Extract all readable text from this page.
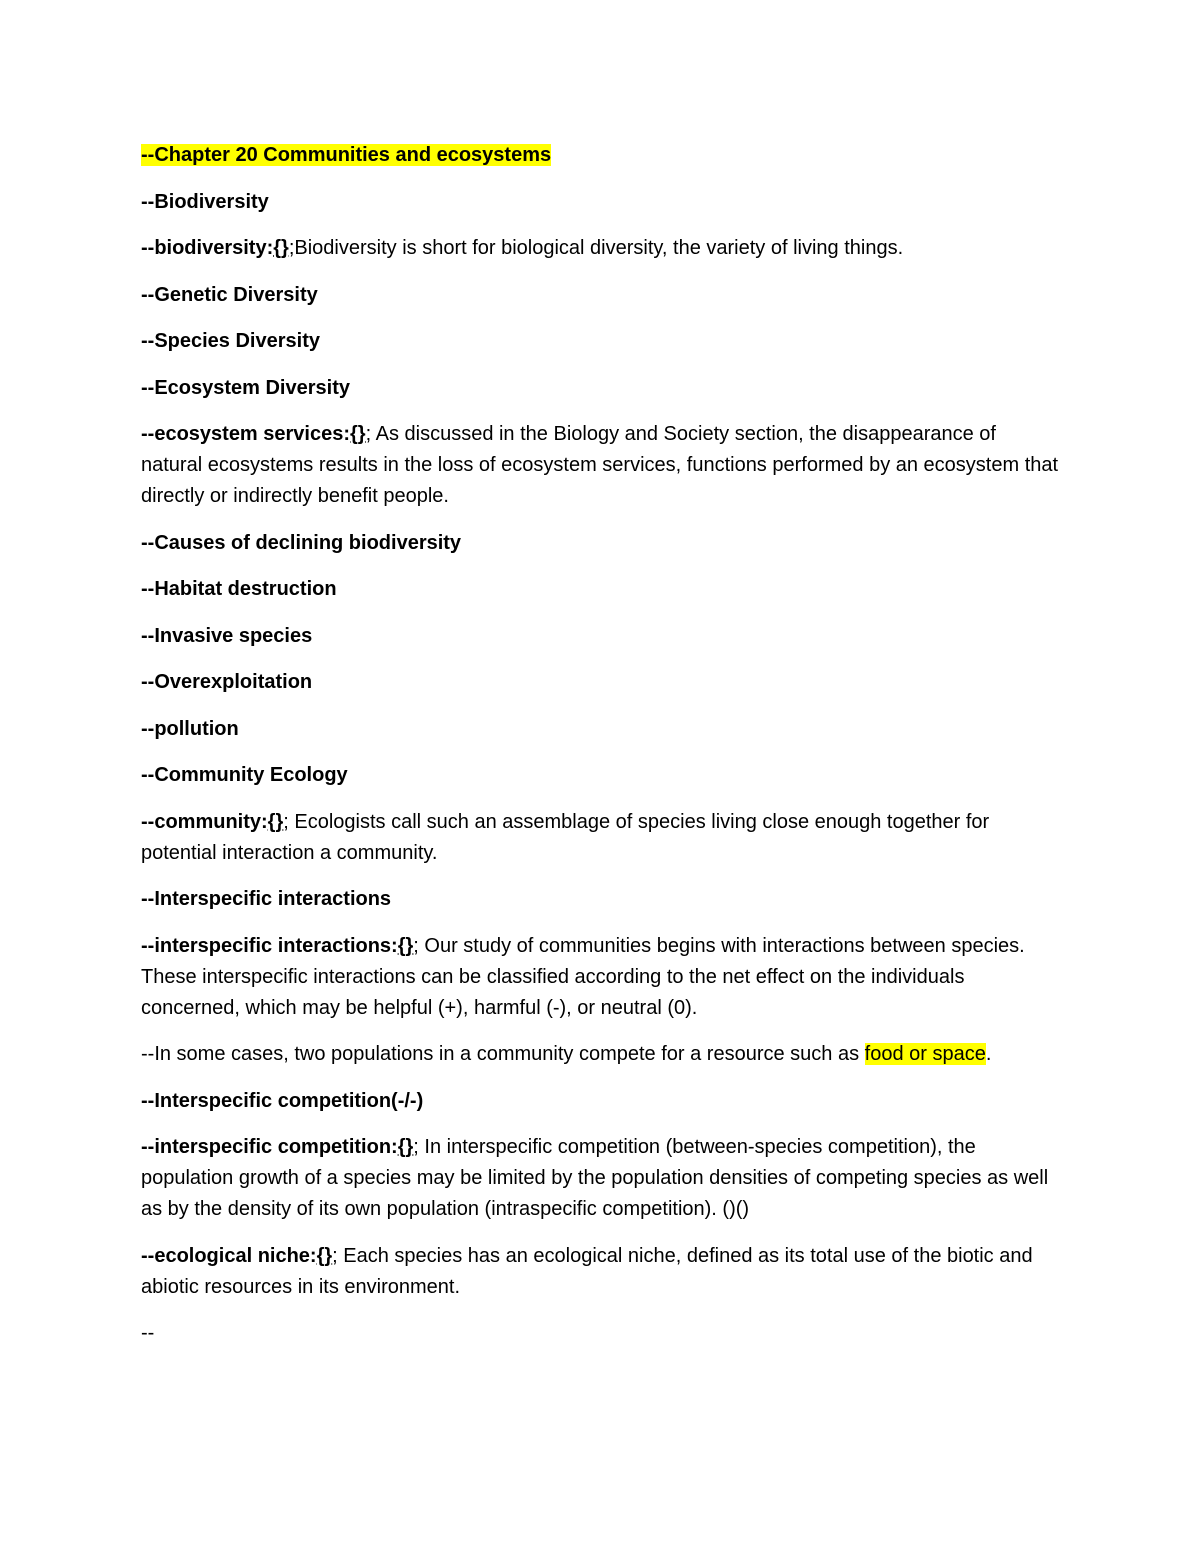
--Chapter 20 Communities and ecosystems

--Biodiversity

--biodiversity:{};Biodiversity is short for biological diversity, the variety of living things.

--Genetic Diversity

--Species Diversity

--Ecosystem Diversity

--ecosystem services:{}; As discussed in the Biology and Society section, the disappearance of natural ecosystems results in the loss of ecosystem services, functions performed by an ecosystem that directly or indirectly benefit people.

--Causes of declining biodiversity

--Habitat destruction

--Invasive species

--Overexploitation

--pollution

--Community Ecology

--community:{}; Ecologists call such an assemblage of species living close enough together for potential interaction a community.

--Interspecific interactions

--interspecific interactions:{}; Our study of communities begins with interactions between species. These interspecific interactions can be classified according to the net effect on the individuals concerned, which may be helpful (+), harmful (-), or neutral (0).

--In some cases, two populations in a community compete for a resource such as food or space.

--Interspecific competition(-/-)

--interspecific competition:{}; In interspecific competition (between-species competition), the population growth of a species may be limited by the population densities of competing species as well as by the density of its own population (intraspecific competition). ()()

--ecological niche:{}; Each species has an ecological niche, defined as its total use of the biotic and abiotic resources in its environment.

--
